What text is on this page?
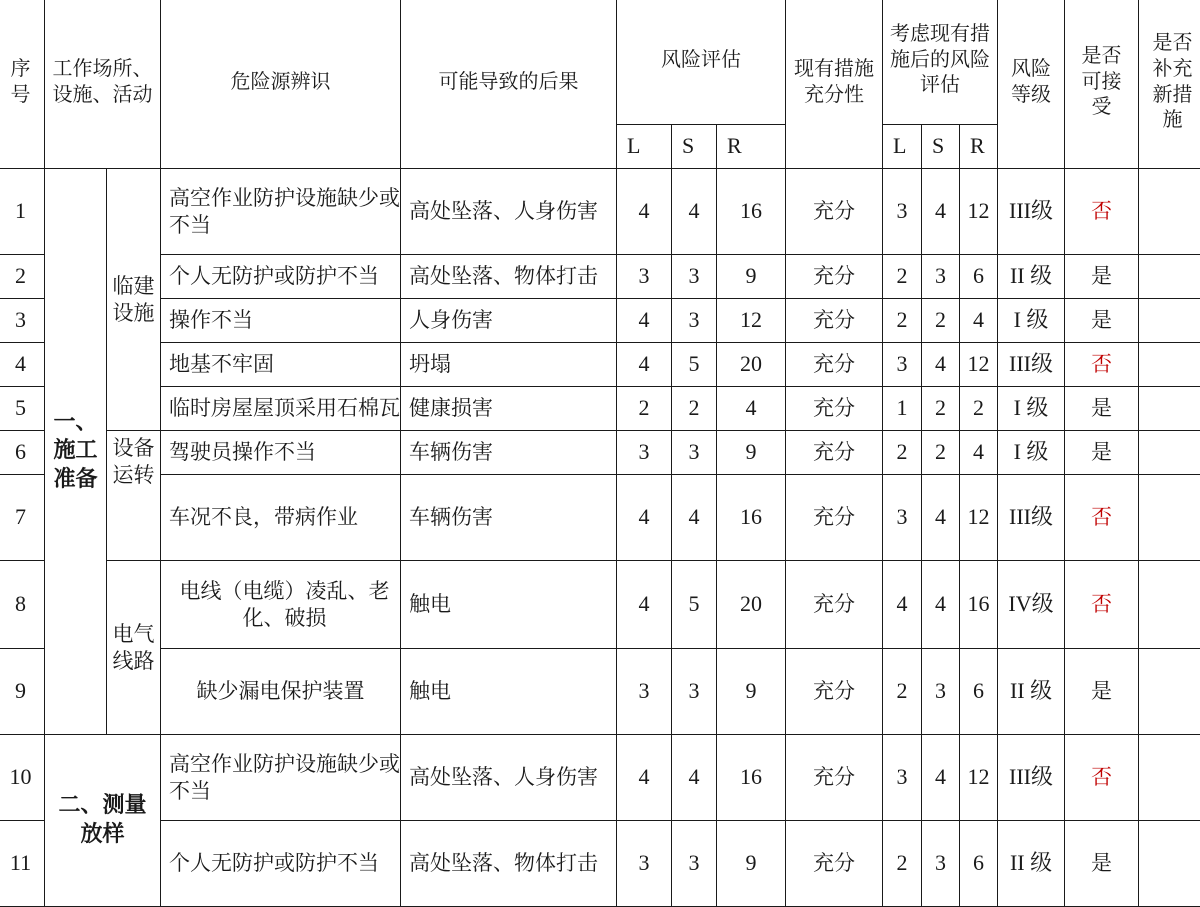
序号	工作场所、设施、活动		危险源辨识	可能导致的后果	风险评估			现有措施充分性	考虑现有措施后的风险评估			风险等级	是否可接受	是否补充新措施

					L	S	R		L	S	R			
1	一、施工准备	临建设施	高空作业防护设施缺少或不当	高处坠落、人身伤害	4	4	16	充分	3	4	12	III级	否	
2			个人无防护或防护不当	高处坠落、物体打击	3	3	9	充分	2	3	6	II 级	是	
3			操作不当	人身伤害	4	3	12	充分	2	2	4	I 级	是	
4			地基不牢固	坍塌	4	5	20	充分	3	4	12	III级	否	
5			临时房屋屋顶采用石棉瓦	健康损害	2	2	4	充分	1	2	2	I 级	是	
6		设备运转	驾驶员操作不当	车辆伤害	3	3	9	充分	2	2	4	I 级	是	
7			车况不良，带病作业	车辆伤害	4	4	16	充分	3	4	12	III级	否	
8		电气线路	电线（电缆）凌乱、老化、破损	触电	4	5	20	充分	4	4	16	IV级	否	
9			缺少漏电保护装置	触电	3	3	9	充分	2	3	6	II 级	是	
10	二、测量放样		高空作业防护设施缺少或不当	高处坠落、人身伤害	4	4	16	充分	3	4	12	III级	否	
11			个人无防护或防护不当	高处坠落、物体打击	3	3	9	充分	2	3	6	II 级	是	
